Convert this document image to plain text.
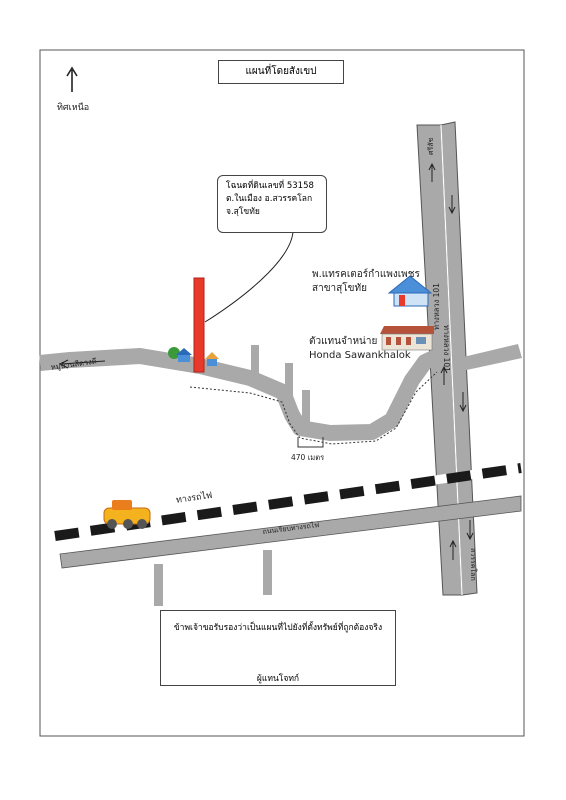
แผนที่โดยสังเขป
ทิศเหนือ
โฉนดที่ดินเลขที่ 53158
ต.ในเมือง อ.สวรรคโลก
จ.สุโขทัย
พ.แทรคเตอร์กำแพงเพชร
สาขาสุโขทัย
ตัวแทนจำหน่าย
Honda Sawankhalok
หมู่บ้านสีดวงดี
470 เมตร
ทางรถไฟ
ถนนเรียบทางรถไฟ
ทางหลวง 101
ทางหลวง 101
ศรีสัช
สวรรคโลก
ข้าพเจ้าขอรับรองว่าเป็นแผนที่ไปยังที่ตั้งทรัพย์ที่ถูกต้องจริง
ผู้แทนโจทก์
